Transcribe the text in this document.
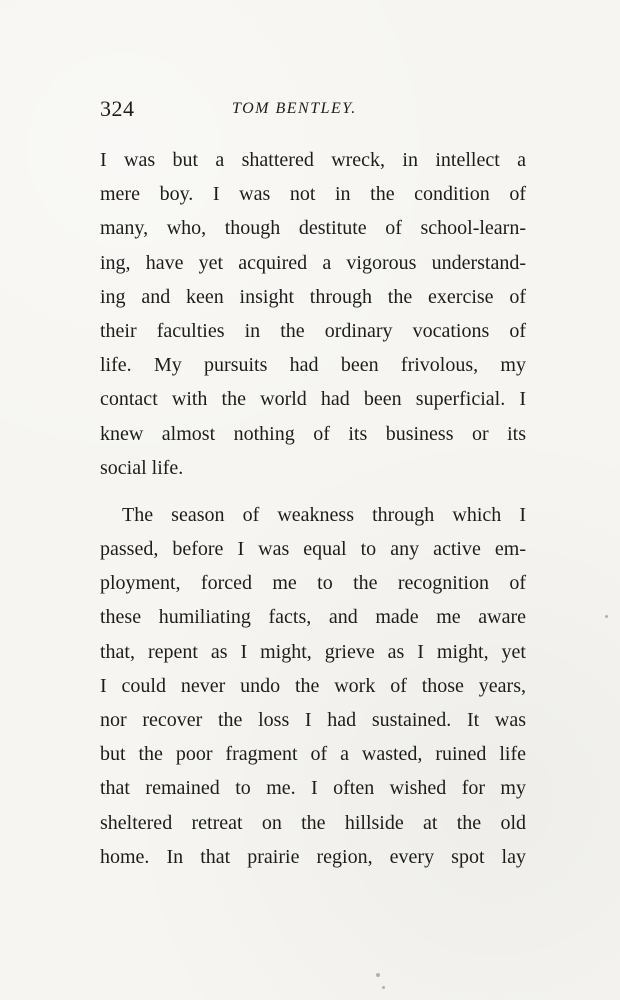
324	TOM BENTLEY.
I was but a shattered wreck, in intellect a
mere boy. I was not in the condition of
many, who, though destitute of school-learn-
ing, have yet acquired a vigorous understand-
ing and keen insight through the exercise of
their faculties in the ordinary vocations of
life. My pursuits had been frivolous, my
contact with the world had been superficial. I
knew almost nothing of its business or its
social life.
The season of weakness through which I
passed, before I was equal to any active em-
ployment, forced me to the recognition of
these humiliating facts, and made me aware
that, repent as I might, grieve as I might, yet
I could never undo the work of those years,
nor recover the loss I had sustained. It was
but the poor fragment of a wasted, ruined life
that remained to me. I often wished for my
sheltered retreat on the hillside at the old
home. In that prairie region, every spot lay
